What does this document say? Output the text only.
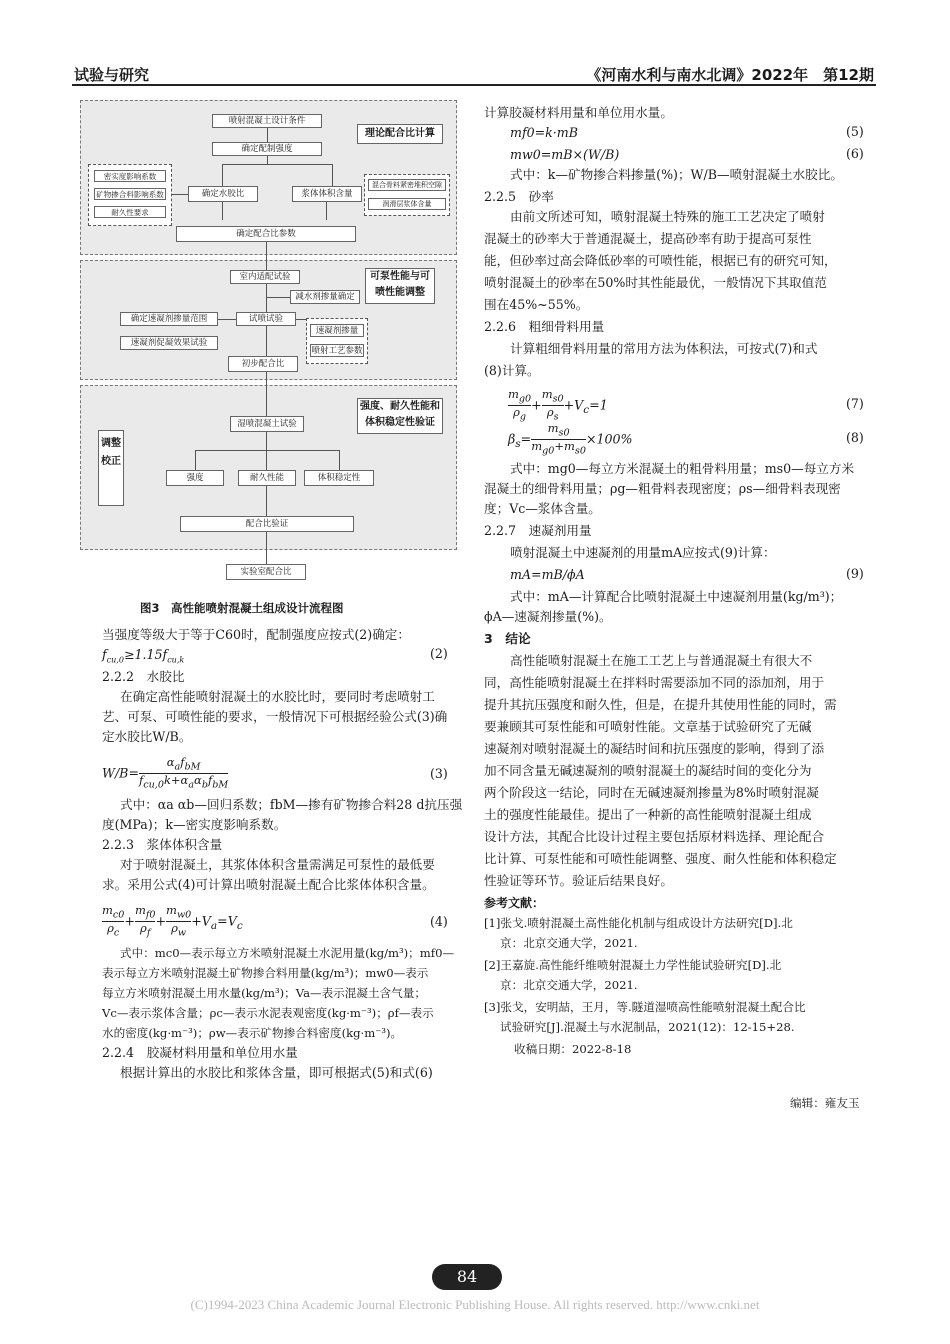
试验与研究	《河南水利与南水北调》2022年　第12期
理论配合比计算
可泵性能与可喷性能调整
强度、耐久性能和体积稳定性验证
调整校正
喷射混凝土设计条件
确定配制强度
密实度影响系数
矿物掺合料影响系数
耐久性要求
确定水胶比	浆体体积含量
混合骨料紧密堆积空隙
润滑层浆体含量
确定配合比参数
室内适配试验
减水剂掺量确定
确定速凝剂掺量范围	试喷试验
速凝剂掺量
喷射工艺参数
速凝剂促凝效果试验
初步配合比
湿喷混凝土试验
强度	耐久性能	体积稳定性
配合比验证
实验室配合比
图3　高性能喷射混凝土组成设计流程图
当强度等级大于等于C60时，配制强度应按式(2)确定：
$f_{cu,0}\ge 1.15f_{cu,k}$	(2)
2.2.2　水胶比
在确定高性能喷射混凝土的水胶比时，要同时考虑喷射工
艺、可泵、可喷性能的要求，一般情况下可根据经验公式(3)确
定水胶比W/B。
$W/B= \frac{\alpha_af_{bM}}{f_{cu,0}k+\alpha_a\alpha_bf_{bM}}$	(3)
式中：αa αb—回归系数；fbM—掺有矿物掺合料28 d抗压强
度(MPa)；k—密实度影响系数。
2.2.3　浆体体积含量
对于喷射混凝土，其浆体体积含量需满足可泵性的最低要
求。采用公式(4)可计算出喷射混凝土配合比浆体体积含量。
$\frac{m_{c0}}{\rho_c} + \frac{m_{f0}}{\rho_f} + \frac{m_{w0}}{\rho_w} +V_a=V_c$	(4)
式中：mc0—表示每立方米喷射混凝土水泥用量(kg/m³)；mf0—
表示每立方米喷射混凝土矿物掺合料用量(kg/m³)；mw0—表示
每立方米喷射混凝土用水量(kg/m³)；Va—表示混凝土含气量；
Vc—表示浆体含量；ρc—表示水泥表观密度(kg·m⁻³)；ρf—表示
水的密度(kg·m⁻³)；ρw—表示矿物掺合料密度(kg·m⁻³)。
2.2.4　胶凝材料用量和单位用水量
根据计算出的水胶比和浆体含量，即可根据式(5)和式(6)
计算胶凝材料用量和单位用水量。
mf0=k·mB	(5)
mw0=mB×(W/B)	(6)
式中：k—矿物掺合料掺量(%)；W/B—喷射混凝土水胶比。
2.2.5　砂率
由前文所述可知，喷射混凝土特殊的施工工艺决定了喷射
混凝土的砂率大于普通混凝土，提高砂率有助于提高可泵性
能，但砂率过高会降低砂率的可喷性能，根据已有的研究可知，
喷射混凝土的砂率在50%时其性能最优，一般情况下其取值范
围在45%~55%。
2.2.6　粗细骨料用量
计算粗细骨料用量的常用方法为体积法，可按式(7)和式
(8)计算。
$\frac{m_{g0}}{\rho_g} + \frac{m_{s0}}{\rho_s} +V_c=1$	(7)
$\beta_s= \frac{m_{s0}}{m_{g0}+m_{s0}} \times 100\%$	(8)
式中：mg0—每立方米混凝土的粗骨料用量；ms0—每立方米
混凝土的细骨料用量；ρg—粗骨料表现密度；ρs—细骨料表现密
度；Vc—浆体含量。
2.2.7　速凝剂用量
喷射混凝土中速凝剂的用量mA应按式(9)计算：
mA=mB/ϕA	(9)
式中：mA—计算配合比喷射混凝土中速凝剂用量(kg/m³)；
ϕA—速凝剂掺量(%)。
3　结论
高性能喷射混凝土在施工工艺上与普通混凝土有很大不
同，高性能喷射混凝土在拌料时需要添加不同的添加剂，用于
提升其抗压强度和耐久性，但是，在提升其使用性能的同时，需
要兼顾其可泵性能和可喷射性能。文章基于试验研究了无碱
速凝剂对喷射混凝土的凝结时间和抗压强度的影响，得到了添
加不同含量无碱速凝剂的喷射混凝土的凝结时间的变化分为
两个阶段这一结论，同时在无碱速凝剂掺量为8%时喷射混凝
土的强度性能最佳。提出了一种新的高性能喷射混凝土组成
设计方法，其配合比设计过程主要包括原材料选择、理论配合
比计算、可泵性能和可喷性能调整、强度、耐久性能和体积稳定
性验证等环节。验证后结果良好。
参考文献：
[1]张戈.喷射混凝土高性能化机制与组成设计方法研究[D].北
京：北京交通大学，2021.
[2]王嘉旋.高性能纤维喷射混凝土力学性能试验研究[D].北
京：北京交通大学，2021.
[3]张戈，安明喆，王月，等.隧道湿喷高性能喷射混凝土配合比
试验研究[J].混凝土与水泥制品，2021(12)：12-15+28.
收稿日期：2022-8-18
编辑：雍友玉
84
(C)1994-2023 China Academic Journal Electronic Publishing House. All rights reserved. http://www.cnki.net
